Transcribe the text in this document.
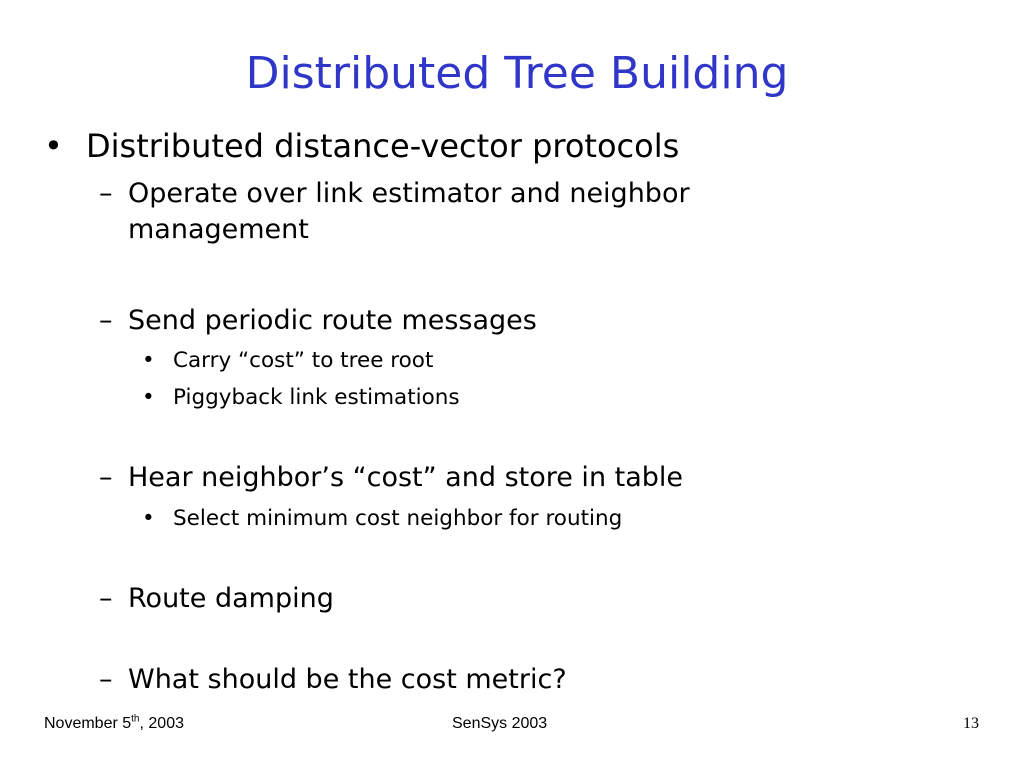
Distributed Tree Building
• Distributed distance-vector protocols
– Operate over link estimator and neighbor
management
– Send periodic route messages
• Carry “cost” to tree root
• Piggyback link estimations
– Hear neighbor’s “cost” and store in table
• Select minimum cost neighbor for routing
– Route damping
– What should be the cost metric?
November 5th, 2003	SenSys 2003	13
